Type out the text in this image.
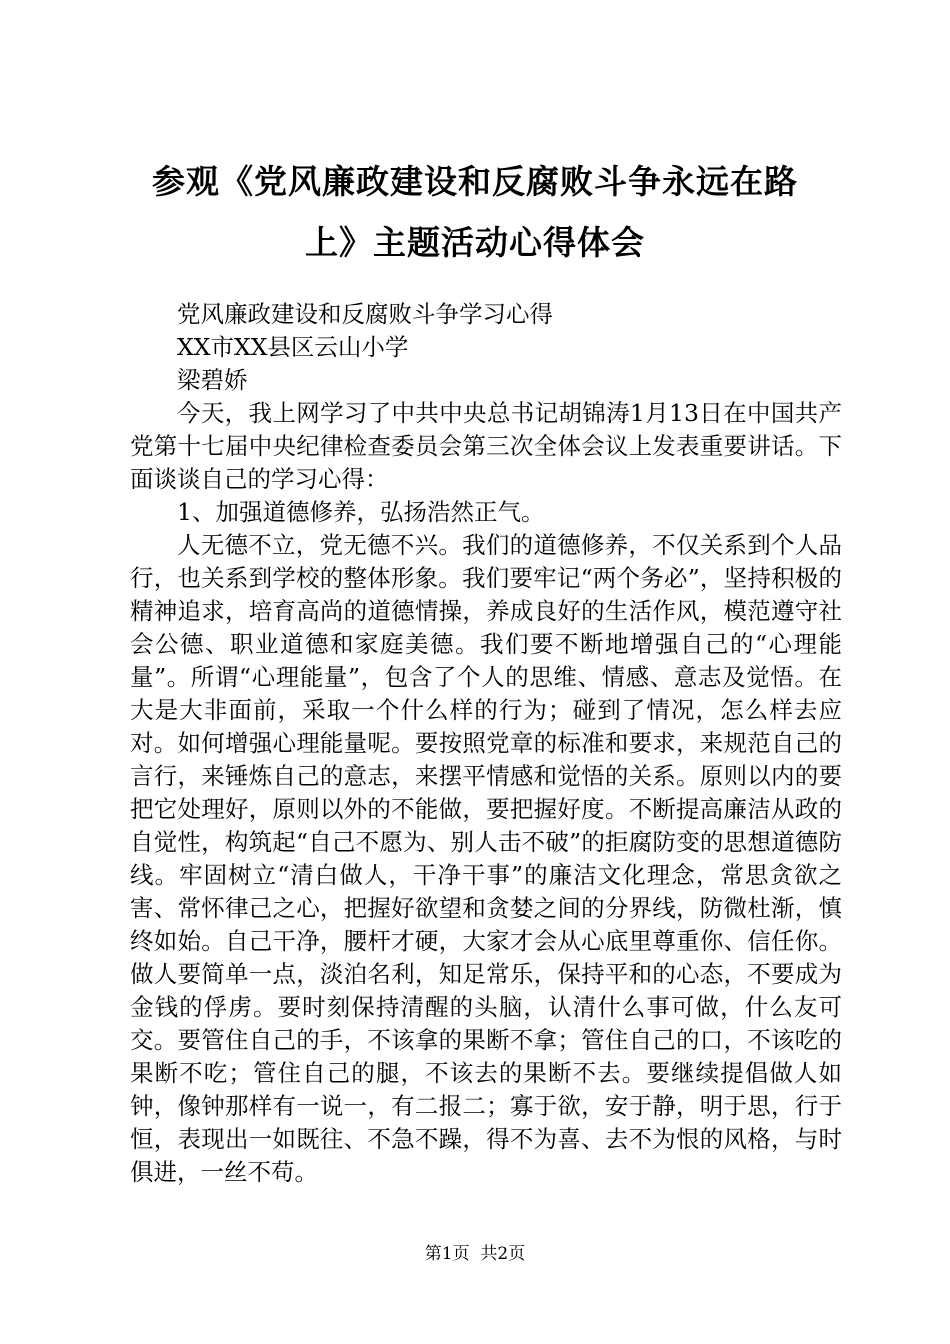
参观《党风廉政建设和反腐败斗争永远在路
上》主题活动心得体会

党风廉政建设和反腐败斗争学习心得

XX市XX县区云山小学

梁碧娇

今天，我上网学习了中共中央总书记胡锦涛1月13日在中国共产党第十七届中央纪律检查委员会第三次全体会议上发表重要讲话。下面谈谈自己的学习心得：

1、加强道德修养，弘扬浩然正气。

人无德不立，党无德不兴。我们的道德修养，不仅关系到个人品行，也关系到学校的整体形象。我们要牢记“两个务必”，坚持积极的精神追求，培育高尚的道德情操，养成良好的生活作风，模范遵守社会公德、职业道德和家庭美德。我们要不断地增强自己的“心理能量”。所谓“心理能量”，包含了个人的思维、情感、意志及觉悟。在大是大非面前，采取一个什么样的行为；碰到了情况，怎么样去应对。如何增强心理能量呢。要按照党章的标准和要求，来规范自己的言行，来锤炼自己的意志，来摆平情感和觉悟的关系。原则以内的要把它处理好，原则以外的不能做，要把握好度。不断提高廉洁从政的自觉性，构筑起“自己不愿为、别人击不破”的拒腐防变的思想道德防线。牢固树立“清白做人，干净干事”的廉洁文化理念，常思贪欲之害、常怀律己之心，把握好欲望和贪婪之间的分界线，防微杜渐，慎终如始。自己干净，腰杆才硬，大家才会从心底里尊重你、信任你。做人要简单一点，淡泊名利，知足常乐，保持平和的心态，不要成为金钱的俘虏。要时刻保持清醒的头脑，认清什么事可做，什么友可交。要管住自己的手，不该拿的果断不拿；管住自己的口，不该吃的果断不吃；管住自己的腿，不该去的果断不去。要继续提倡做人如钟，像钟那样有一说一，有二报二；寡于欲，安于静，明于思，行于恒，表现出一如既往、不急不躁，得不为喜、去不为恨的风格，与时俱进，一丝不苟。

第1页  共2页
